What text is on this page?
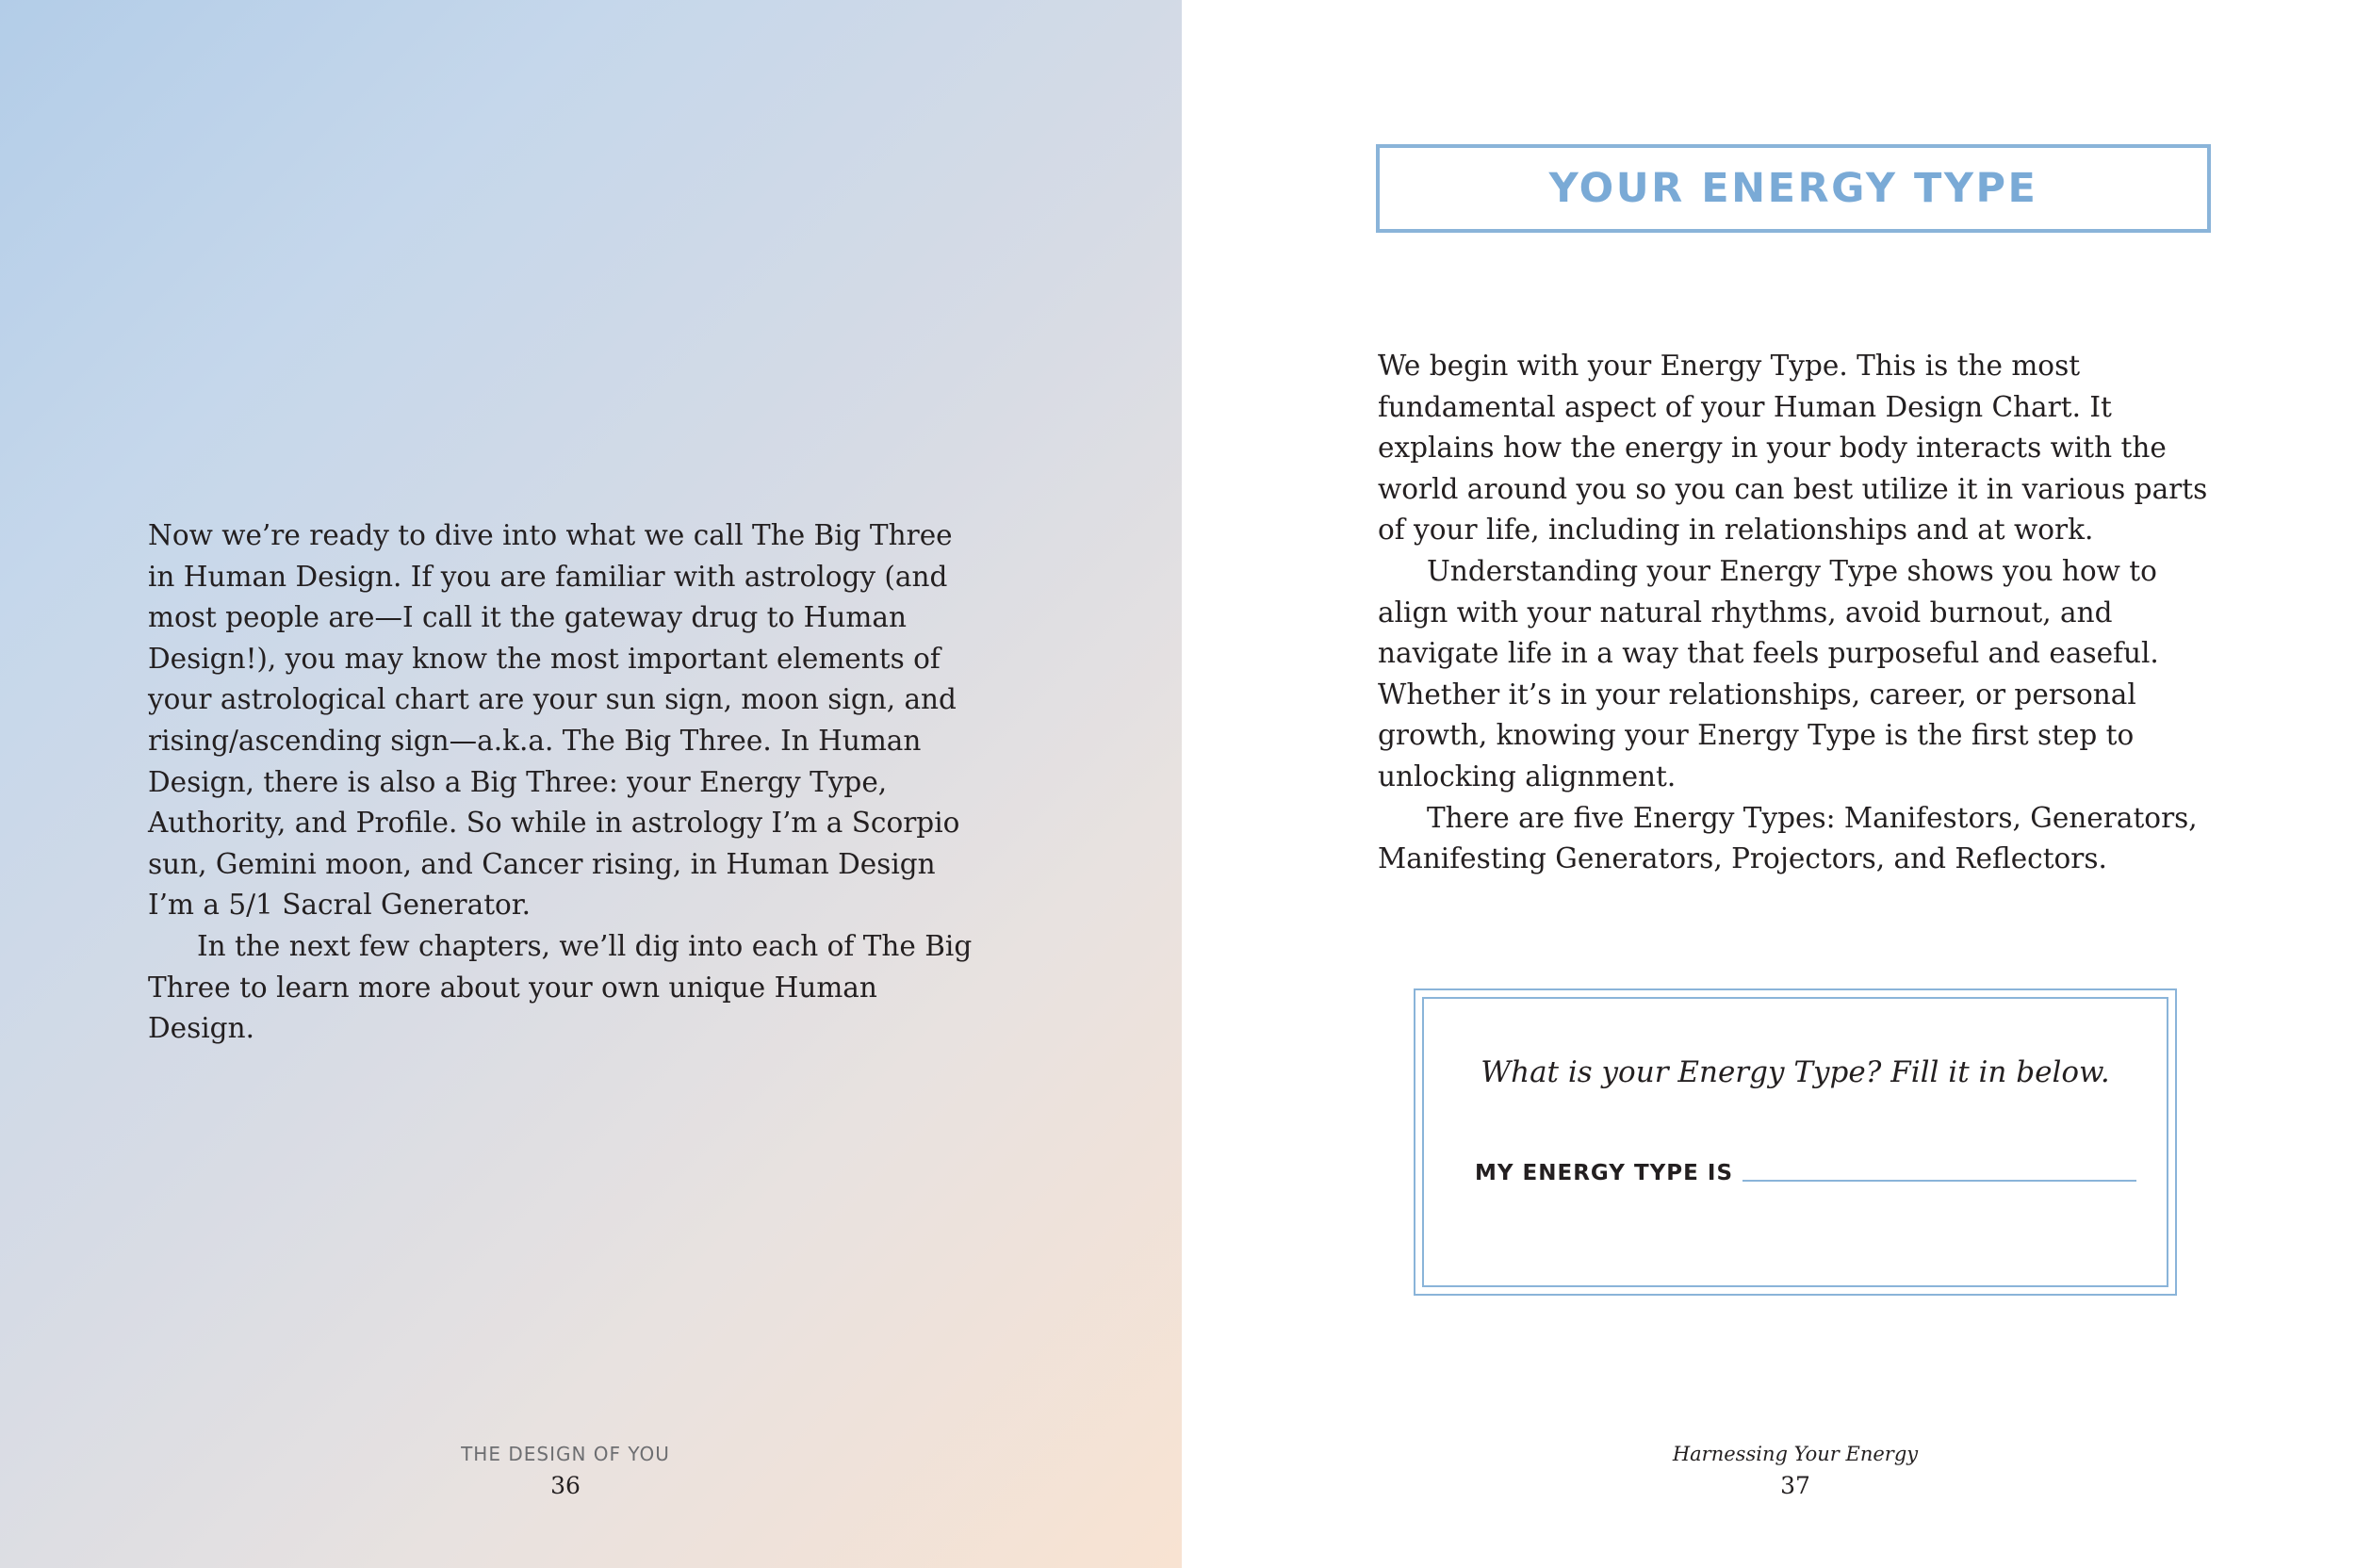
Now we’re ready to dive into what we call The Big Three in Human Design. If you are familiar with astrology (and most people are—I call it the gateway drug to Human Design!), you may know the most important elements of your astrological chart are your sun sign, moon sign, and rising/ascending sign—a.k.a. The Big Three. In Human Design, there is also a Big Three: your Energy Type, Authority, and Profile. So while in astrology I’m a Scorpio sun, Gemini moon, and Cancer rising, in Human Design I’m a 5/1 Sacral Generator.

In the next few chapters, we’ll dig into each of The Big Three to learn more about your own unique Human Design.

THE DESIGN OF YOU
36
YOUR ENERGY TYPE

We begin with your Energy Type. This is the most fundamental aspect of your Human Design Chart. It explains how the energy in your body interacts with the world around you so you can best utilize it in various parts of your life, including in relationships and at work.

Understanding your Energy Type shows you how to align with your natural rhythms, avoid burnout, and navigate life in a way that feels purposeful and easeful. Whether it’s in your relationships, career, or personal growth, knowing your Energy Type is the first step to unlocking alignment.

There are five Energy Types: Manifestors, Generators, Manifesting Generators, Projectors, and Reflectors.

What is your Energy Type? Fill it in below.
MY ENERGY TYPE IS
Harnessing Your Energy
37
